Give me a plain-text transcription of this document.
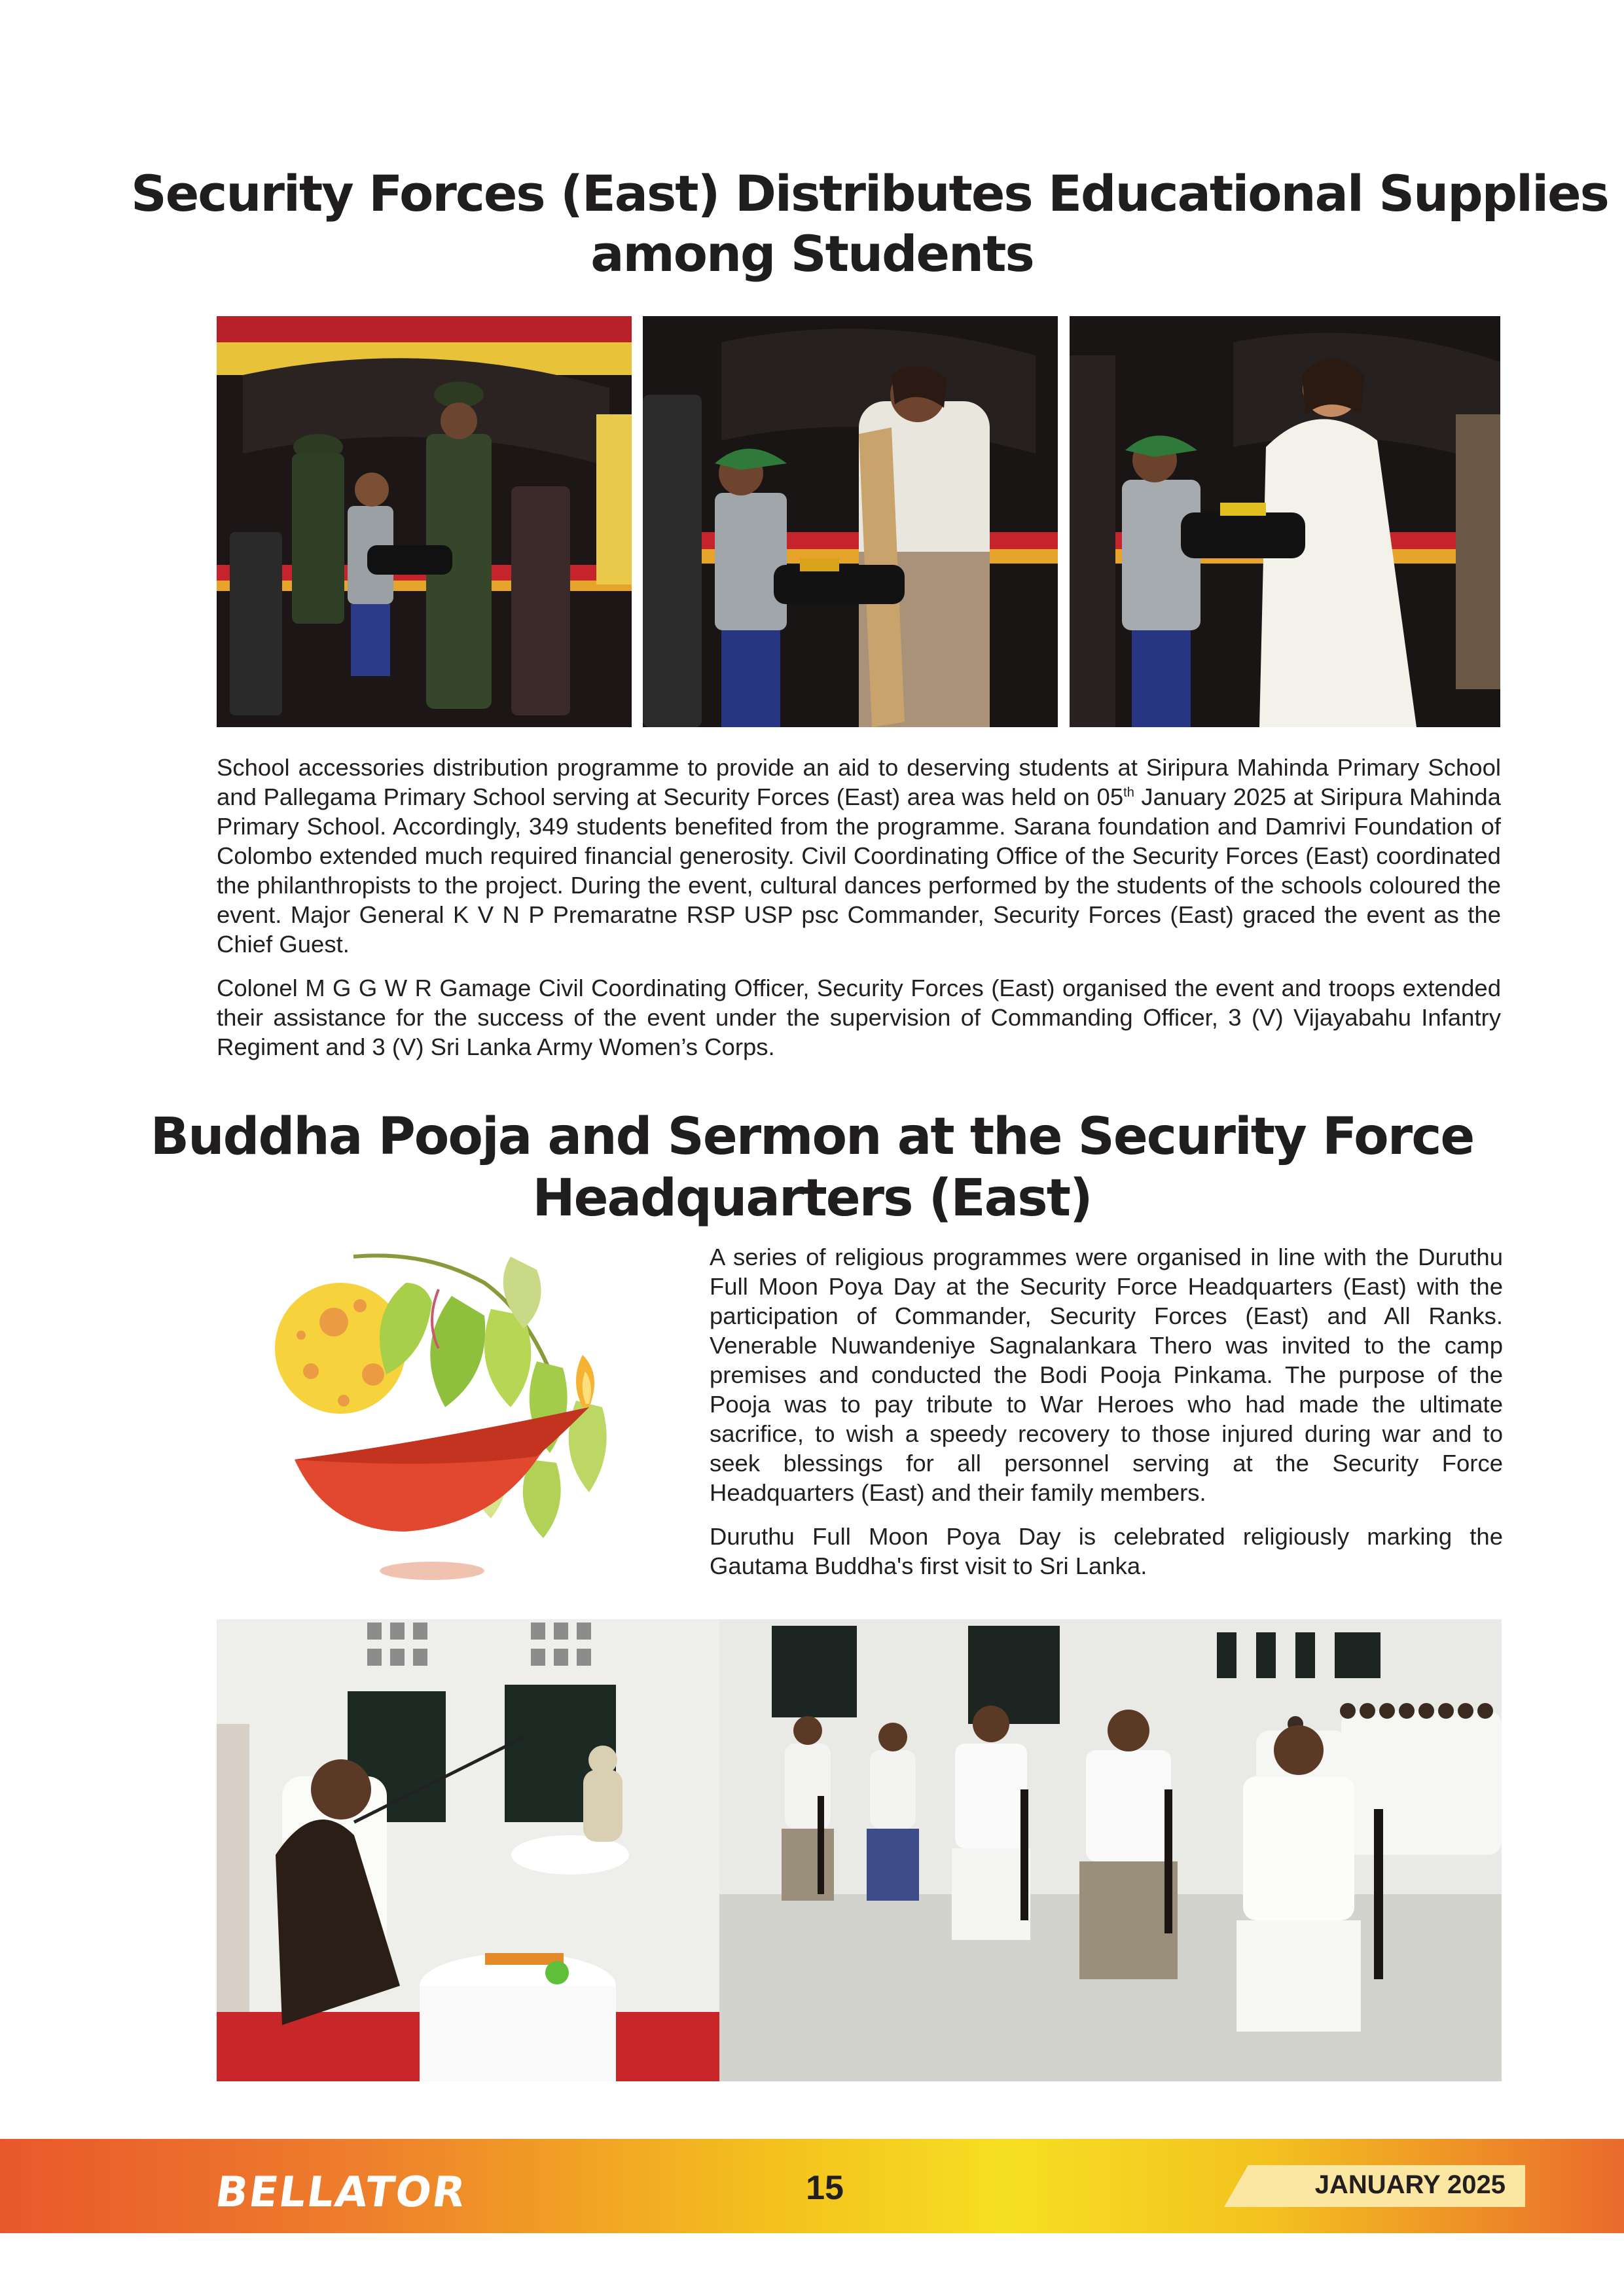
Security Forces (East) Distributes Educational Supplies
among Students

School accessories distribution programme to provide an aid to deserving students at Siripura Mahinda Primary School and Pallegama Primary School serving at Security Forces (East) area was held on 05th January 2025 at Siripura Mahinda Primary School. Accordingly, 349 students benefited from the programme. Sarana foundation and Damrivi Foundation of Colombo extended much required financial generosity. Civil Coordinating Office of the Security Forces (East) coordinated the philanthropists to the project. During the event, cultural dances performed by the students of the schools coloured the event. Major General K V N P Premaratne RSP USP psc Commander, Security Forces (East) graced the event as the Chief Guest.

Colonel M G G W R Gamage Civil Coordinating Officer, Security Forces (East) organised the event and troops extended their assistance for the success of the event under the supervision of Commanding Officer, 3 (V) Vijayabahu Infantry Regiment and 3 (V) Sri Lanka Army Women’s Corps.

Buddha Pooja and Sermon at the Security Force
Headquarters (East)

A series of religious programmes were organised in line with the Duruthu Full Moon Poya Day at the Security Force Headquarters (East) with the participation of Commander, Security Forces (East) and All Ranks. Venerable Nuwandeniye Sagnalankara Thero was invited to the camp premises and conducted the Bodi Pooja Pinkama. The purpose of the Pooja was to pay tribute to War Heroes who had made the ultimate sacrifice, to wish a speedy recovery to those injured during war and to seek blessings for all personnel serving at the Security Force Headquarters (East) and their family members.

Duruthu Full Moon Poya Day is celebrated religiously marking the Gautama Buddha's first visit to Sri Lanka.

BELLATOR	15	JANUARY 2025
